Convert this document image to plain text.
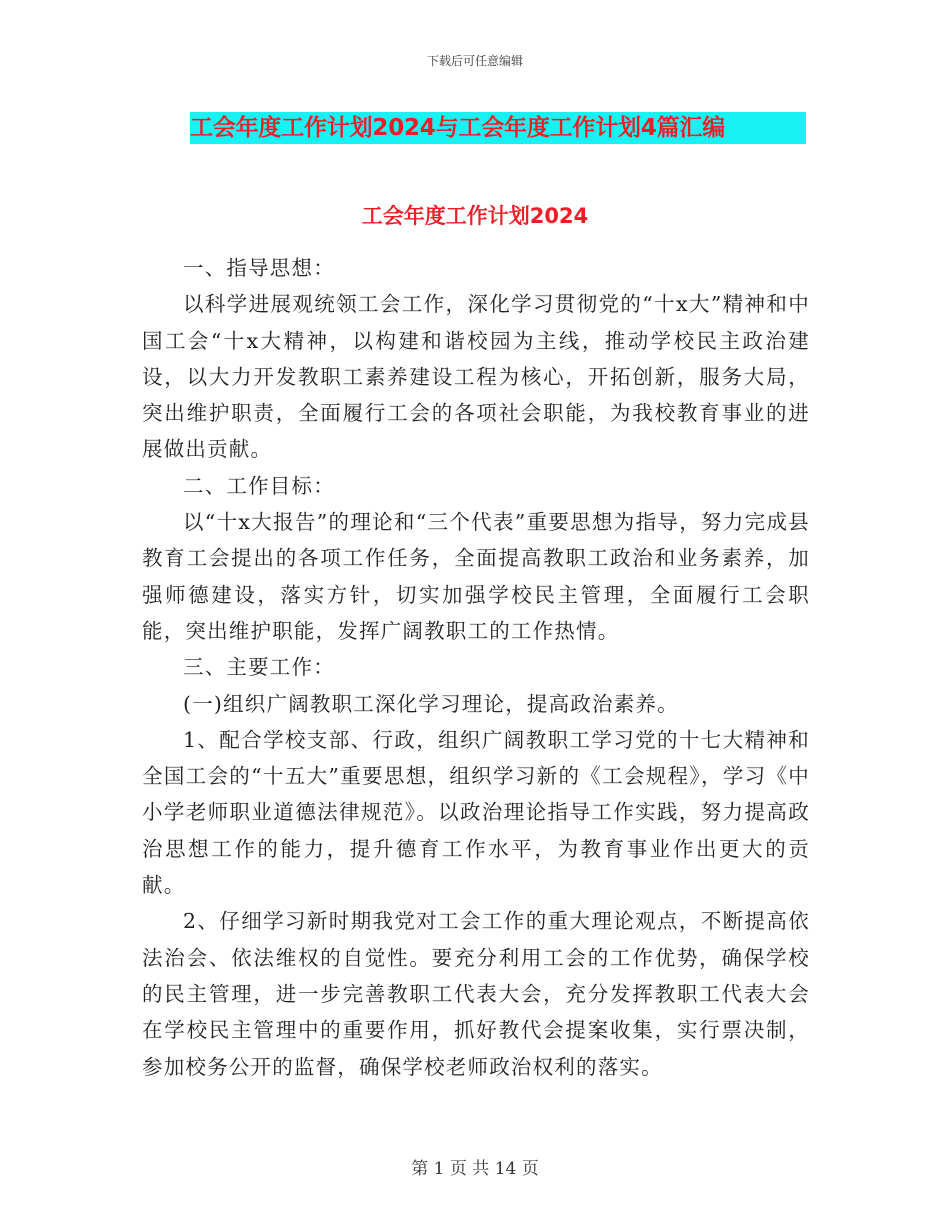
下载后可任意编辑
工会年度工作计划2024与工会年度工作计划4篇汇编
工会年度工作计划2024

一、指导思想：

以科学进展观统领工会工作，深化学习贯彻党的“十x大”精神和中国工会“十x大精神，以构建和谐校园为主线，推动学校民主政治建设，以大力开发教职工素养建设工程为核心，开拓创新，服务大局，突出维护职责，全面履行工会的各项社会职能，为我校教育事业的进展做出贡献。

二、工作目标：

以“十x大报告”的理论和“三个代表”重要思想为指导，努力完成县教育工会提出的各项工作任务，全面提高教职工政治和业务素养，加强师德建设，落实方针，切实加强学校民主管理，全面履行工会职能，突出维护职能，发挥广阔教职工的工作热情。

三、主要工作：

(一)组织广阔教职工深化学习理论，提高政治素养。

1、配合学校支部、行政，组织广阔教职工学习党的十七大精神和全国工会的“十五大”重要思想，组织学习新的《工会规程》，学习《中小学老师职业道德法律规范》。以政治理论指导工作实践，努力提高政治思想工作的能力，提升德育工作水平，为教育事业作出更大的贡献。

2、仔细学习新时期我党对工会工作的重大理论观点，不断提高依法治会、依法维权的自觉性。要充分利用工会的工作优势，确保学校的民主管理，进一步完善教职工代表大会，充分发挥教职工代表大会在学校民主管理中的重要作用，抓好教代会提案收集，实行票决制，参加校务公开的监督，确保学校老师政治权利的落实。

第 1 页 共 14 页
